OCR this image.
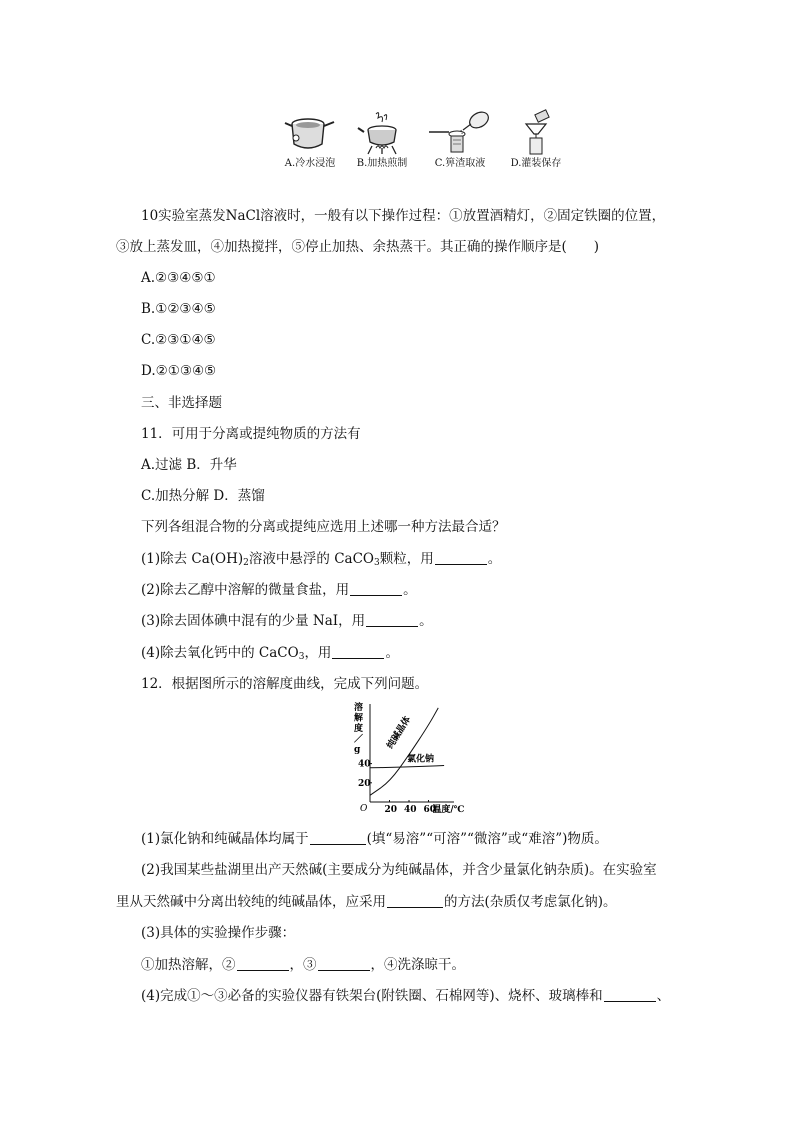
A.冷水浸泡	B.加热煎制	C.箅渣取液	D.灌装保存
10实验室蒸发NaCl溶液时，一般有以下操作过程：①放置酒精灯，②固定铁圈的位置，
③放上蒸发皿，④加热搅拌，⑤停止加热、余热蒸干。其正确的操作顺序是(　　)
A.②③④⑤①
B.①②③④⑤
C.②③①④⑤
D.②①③④⑤
三、非选择题
11．可用于分离或提纯物质的方法有
A.过滤 B．升华
C.加热分解 D．蒸馏
下列各组混合物的分离或提纯应选用上述哪一种方法最合适？
(1)除去 $Ca(OH)_2$溶液中悬浮的 CaCO$_3$颗粒，用	。
(2)除去乙醇中溶解的微量食盐，用	。
(3)除去固体碘中混有的少量 NaI，用	。
(4)除去氧化钙中的 CaCO$_3$，用	。
12．根据图所示的溶解度曲线，完成下列问题。
O
溶
解
度
／
g
温度/℃
20 40 60
20
40
纯碱晶体
氯化钠
(1)氯化钠和纯碱晶体均属于	(填“易溶”“可溶”“微溶”或“难溶”)物质。
(2)我国某些盐湖里出产天然碱(主要成分为纯碱晶体，并含少量氯化钠杂质)。在实验室
里从天然碱中分离出较纯的纯碱晶体，应采用	的方法(杂质仅考虑氯化钠)。
(3)具体的实验操作步骤：
①加热溶解，②	，③	，④洗涤晾干。
(4)完成①～③必备的实验仪器有铁架台(附铁圈、石棉网等)、烧杯、玻璃棒和	、
